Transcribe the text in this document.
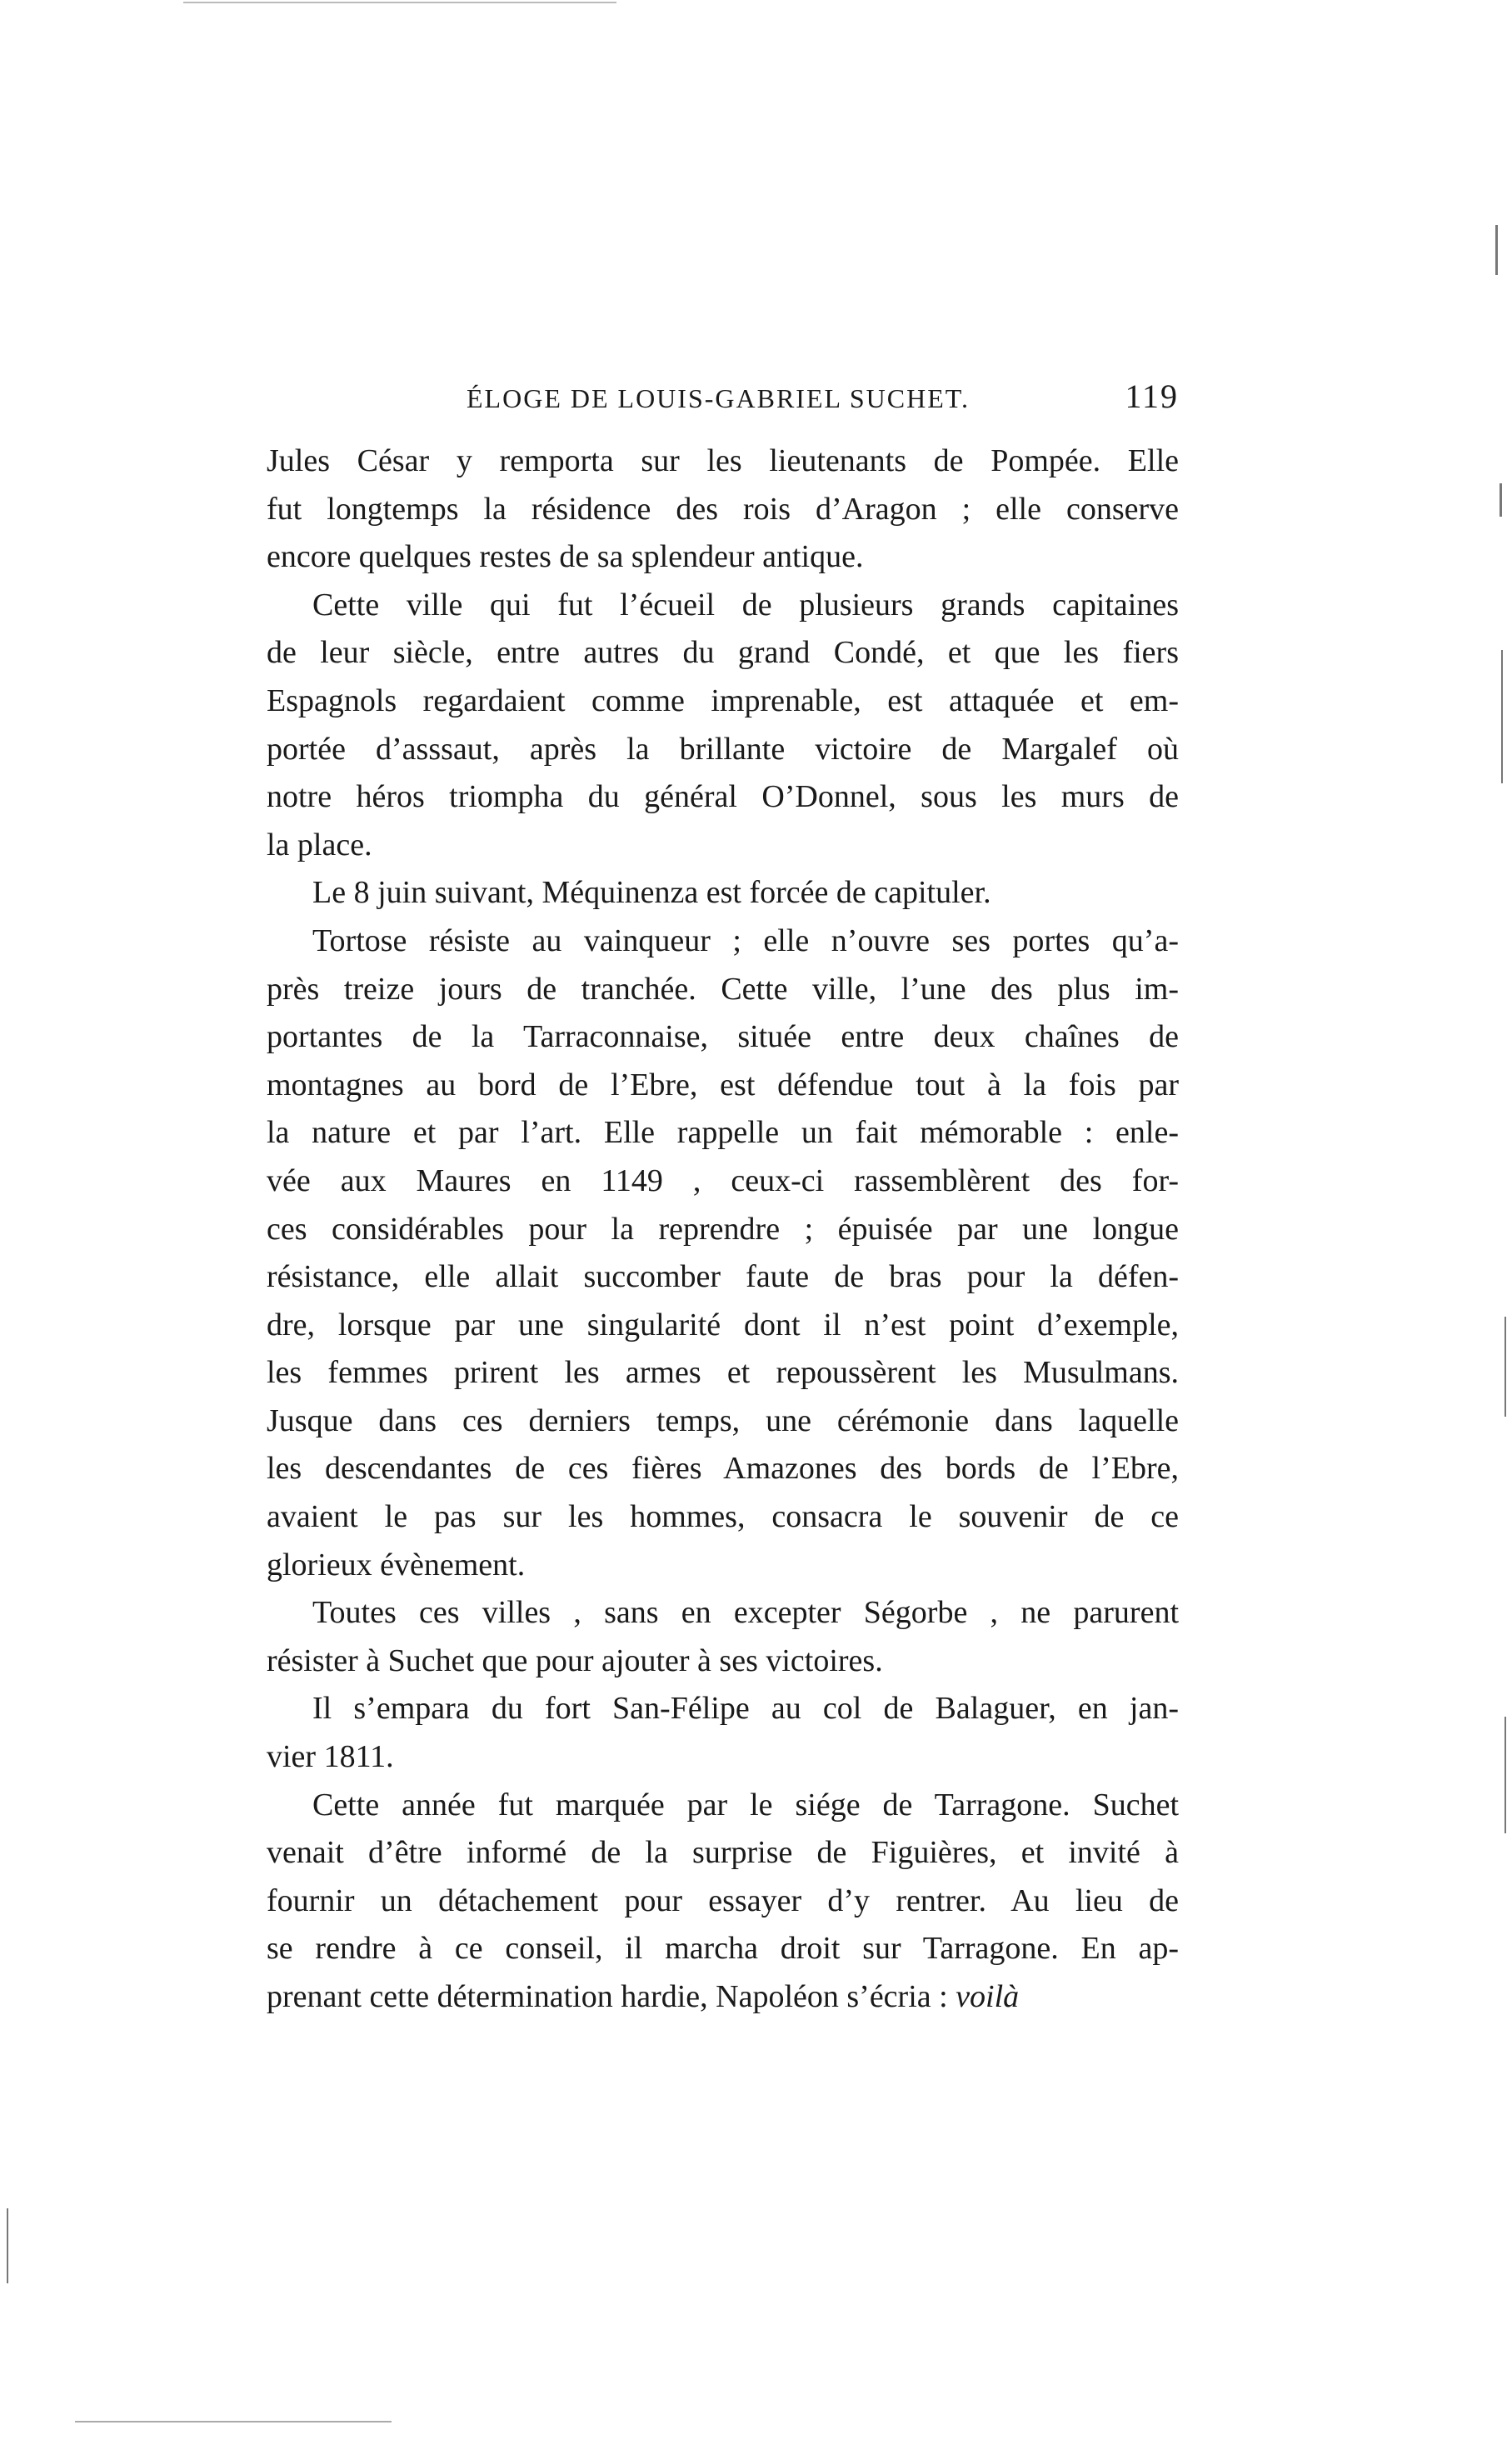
ÉLOGE DE LOUIS-GABRIEL SUCHET.	119
Jules César y remporta sur les lieutenants de Pompée. Elle
fut longtemps la résidence des rois d’Aragon ; elle conserve
encore quelques restes de sa splendeur antique.
Cette ville qui fut l’écueil de plusieurs grands capitaines
de leur siècle, entre autres du grand Condé, et que les fiers
Espagnols regardaient comme imprenable, est attaquée et em-
portée d’asssaut, après la brillante victoire de Margalef où
notre héros triompha du général O’Donnel, sous les murs de
la place.
Le 8 juin suivant, Méquinenza est forcée de capituler.
Tortose résiste au vainqueur ; elle n’ouvre ses portes qu’a-
près treize jours de tranchée. Cette ville, l’une des plus im-
portantes de la Tarraconnaise, située entre deux chaînes de
montagnes au bord de l’Ebre, est défendue tout à la fois par
la nature et par l’art. Elle rappelle un fait mémorable : enle-
vée aux Maures en 1149 , ceux-ci rassemblèrent des for-
ces considérables pour la reprendre ; épuisée par une longue
résistance, elle allait succomber faute de bras pour la défen-
dre, lorsque par une singularité dont il n’est point d’exemple,
les femmes prirent les armes et repoussèrent les Musulmans.
Jusque dans ces derniers temps, une cérémonie dans laquelle
les descendantes de ces fières Amazones des bords de l’Ebre,
avaient le pas sur les hommes, consacra le souvenir de ce
glorieux évènement.
Toutes ces villes , sans en excepter Ségorbe , ne parurent
résister à Suchet que pour ajouter à ses victoires.
Il s’empara du fort San-Félipe au col de Balaguer, en jan-
vier 1811.
Cette année fut marquée par le siége de Tarragone. Suchet
venait d’être informé de la surprise de Figuières, et invité à
fournir un détachement pour essayer d’y rentrer. Au lieu de
se rendre à ce conseil, il marcha droit sur Tarragone. En ap-
prenant cette détermination hardie, Napoléon s’écria : voilà
